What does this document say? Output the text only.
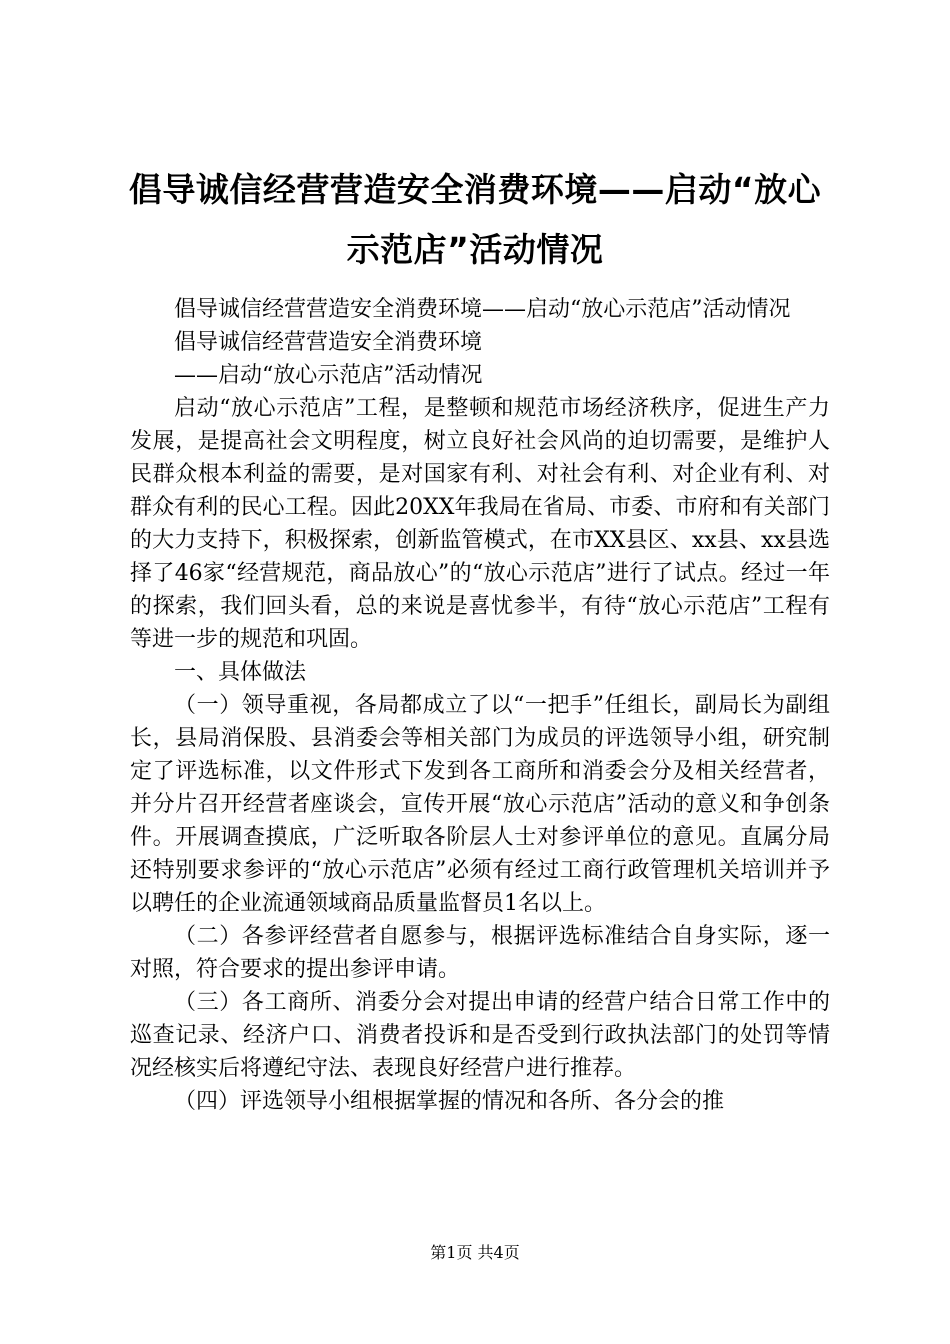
倡导诚信经营营造安全消费环境——启动“放心示范店”活动情况

倡导诚信经营营造安全消费环境——启动“放心示范店”活动情况

倡导诚信经营营造安全消费环境

——启动“放心示范店”活动情况

启动“放心示范店”工程，是整顿和规范市场经济秩序，促进生产力发展，是提高社会文明程度，树立良好社会风尚的迫切需要，是维护人民群众根本利益的需要，是对国家有利、对社会有利、对企业有利、对群众有利的民心工程。因此20XX年我局在省局、市委、市府和有关部门的大力支持下，积极探索，创新监管模式，在市XX县区、xx县、xx县选择了46家“经营规范，商品放心”的“放心示范店”进行了试点。经过一年的探索，我们回头看，总的来说是喜忧参半，有待“放心示范店”工程有等进一步的规范和巩固。

一、具体做法

（一）领导重视，各局都成立了以“一把手”任组长，副局长为副组长，县局消保股、县消委会等相关部门为成员的评选领导小组，研究制定了评选标准，以文件形式下发到各工商所和消委会分及相关经营者，并分片召开经营者座谈会，宣传开展“放心示范店”活动的意义和争创条件。开展调查摸底，广泛听取各阶层人士对参评单位的意见。直属分局还特别要求参评的“放心示范店”必须有经过工商行政管理机关培训并予以聘任的企业流通领域商品质量监督员1名以上。

（二）各参评经营者自愿参与，根据评选标准结合自身实际，逐一对照，符合要求的提出参评申请。

（三）各工商所、消委分会对提出申请的经营户结合日常工作中的巡查记录、经济户口、消费者投诉和是否受到行政执法部门的处罚等情况经核实后将遵纪守法、表现良好经营户进行推荐。

（四）评选领导小组根据掌握的情况和各所、各分会的推

第1页 共4页
